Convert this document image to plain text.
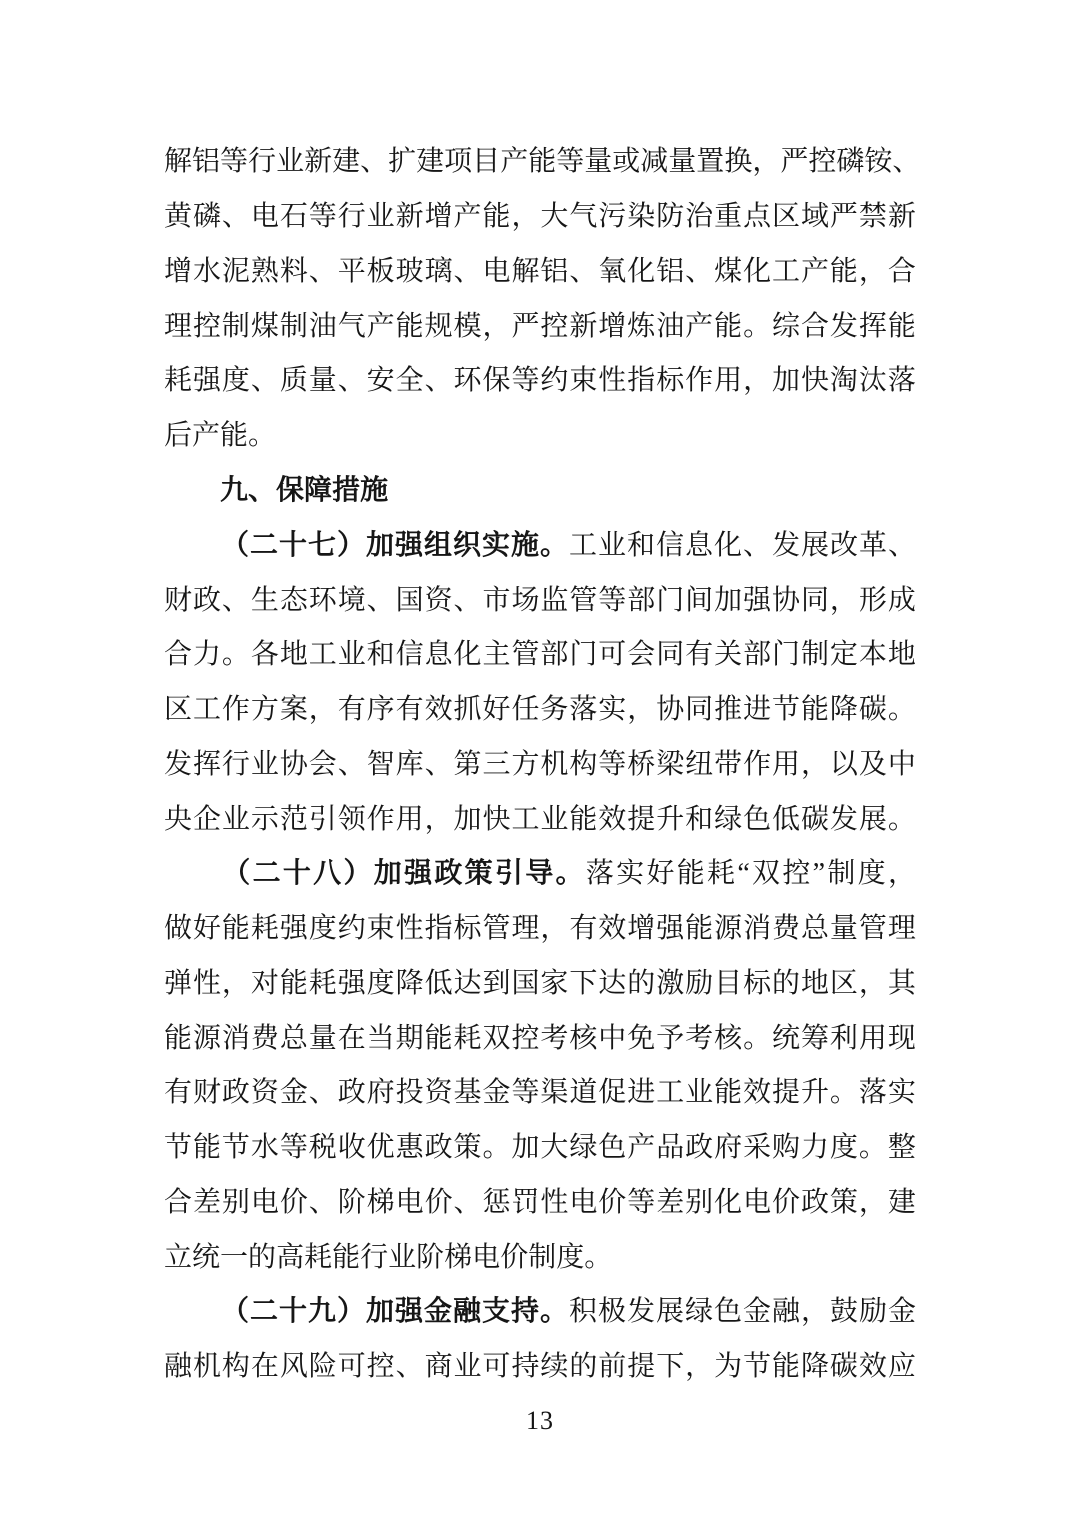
解 铝 等 行 业 新 建 、 扩 建 项 目 产 能 等 量 或 减 量 置 换 ， 严 控 磷 铵 、
黄 磷 、 电 石 等 行 业 新 增 产 能 ， 大 气 污 染 防 治 重 点 区 域 严 禁 新
增 水 泥 熟 料 、 平 板 玻 璃 、 电 解 铝 、 氧 化 铝 、 煤 化 工 产 能 ， 合
理 控 制 煤 制 油 气 产 能 规 模 ， 严 控 新 增 炼 油 产 能 。 综 合 发 挥 能
耗 强 度 、 质 量 、 安 全 、 环 保 等 约 束 性 指 标 作 用 ， 加 快 淘 汰 落
后 产 能 。
九 、 保 障 措 施
（ 二 十 七 ） 加 强 组 织 实 施 。 工 业 和 信 息 化 、 发 展 改 革 、
财 政 、 生 态 环 境 、 国 资 、 市 场 监 管 等 部 门 间 加 强 协 同 ， 形 成
合 力 。 各 地 工 业 和 信 息 化 主 管 部 门 可 会 同 有 关 部 门 制 定 本 地
区 工 作 方 案 ， 有 序 有 效 抓 好 任 务 落 实 ， 协 同 推 进 节 能 降 碳 。
发 挥 行 业 协 会 、 智 库 、 第 三 方 机 构 等 桥 梁 纽 带 作 用 ， 以 及 中
央 企 业 示 范 引 领 作 用 ， 加 快 工 业 能 效 提 升 和 绿 色 低 碳 发 展 。
（ 二 十 八 ） 加 强 政 策 引 导 。 落 实 好 能 耗 “ 双 控 ” 制 度 ，
做 好 能 耗 强 度 约 束 性 指 标 管 理 ， 有 效 增 强 能 源 消 费 总 量 管 理
弹 性 ， 对 能 耗 强 度 降 低 达 到 国 家 下 达 的 激 励 目 标 的 地 区 ， 其
能 源 消 费 总 量 在 当 期 能 耗 双 控 考 核 中 免 予 考 核 。 统 筹 利 用 现
有 财 政 资 金 、 政 府 投 资 基 金 等 渠 道 促 进 工 业 能 效 提 升 。 落 实
节 能 节 水 等 税 收 优 惠 政 策 。 加 大 绿 色 产 品 政 府 采 购 力 度 。 整
合 差 别 电 价 、 阶 梯 电 价 、 惩 罚 性 电 价 等 差 别 化 电 价 政 策 ， 建
立 统 一 的 高 耗 能 行 业 阶 梯 电 价 制 度 。
（ 二 十 九 ） 加 强 金 融 支 持 。 积 极 发 展 绿 色 金 融 ， 鼓 励 金
融 机 构 在 风 险 可 控 、 商 业 可 持 续 的 前 提 下 ， 为 节 能 降 碳 效 应
13
